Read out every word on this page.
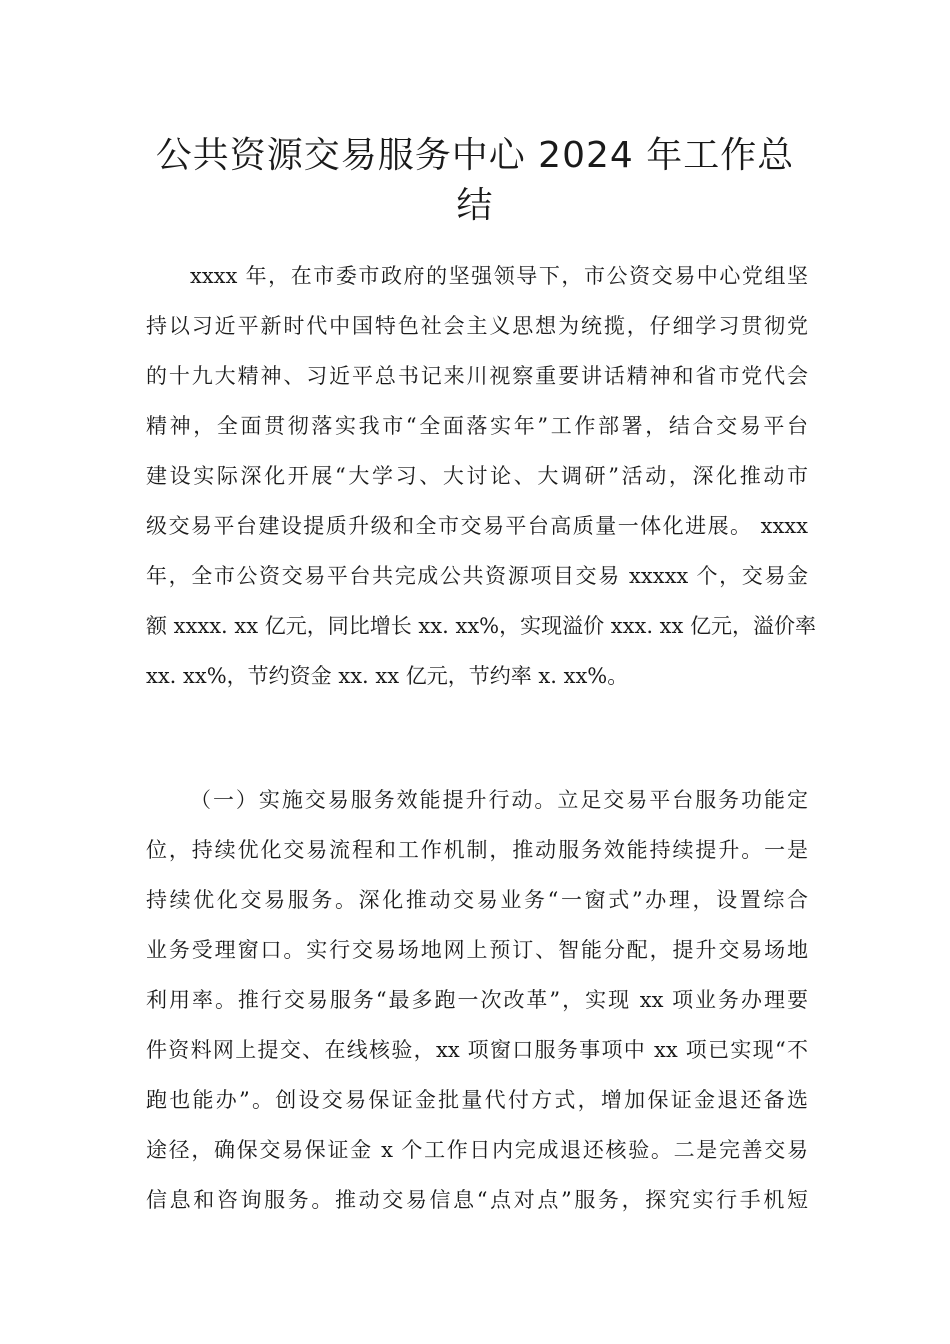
公共资源交易服务中心 2024 年工作总
结
xxxx 年，在市委市政府的坚强领导下，市公资交易中心党组坚
持以习近平新时代中国特色社会主义思想为统揽，仔细学习贯彻党
的十九大精神、习近平总书记来川视察重要讲话精神和省市党代会
精神，全面贯彻落实我市“全面落实年”工作部署，结合交易平台
建设实际深化开展“大学习、大讨论、大调研”活动，深化推动市
级交易平台建设提质升级和全市交易平台高质量一体化进展。 xxxx
年，全市公资交易平台共完成公共资源项目交易 xxxxx 个，交易金
额 xxxx. xx 亿元，同比增长 xx. xx%，实现溢价 xxx. xx 亿元，溢价率
xx. xx%，节约资金 xx. xx 亿元，节约率 x. xx%。
（一）实施交易服务效能提升行动。立足交易平台服务功能定
位，持续优化交易流程和工作机制，推动服务效能持续提升。一是
持续优化交易服务。深化推动交易业务“一窗式”办理，设置综合
业务受理窗口。实行交易场地网上预订、智能分配，提升交易场地
利用率。推行交易服务“最多跑一次改革”，实现 xx 项业务办理要
件资料网上提交、在线核验，xx 项窗口服务事项中 xx 项已实现“不
跑也能办”。创设交易保证金批量代付方式，增加保证金退还备选
途径，确保交易保证金 x 个工作日内完成退还核验。二是完善交易
信息和咨询服务。推动交易信息“点对点”服务，探究实行手机短
